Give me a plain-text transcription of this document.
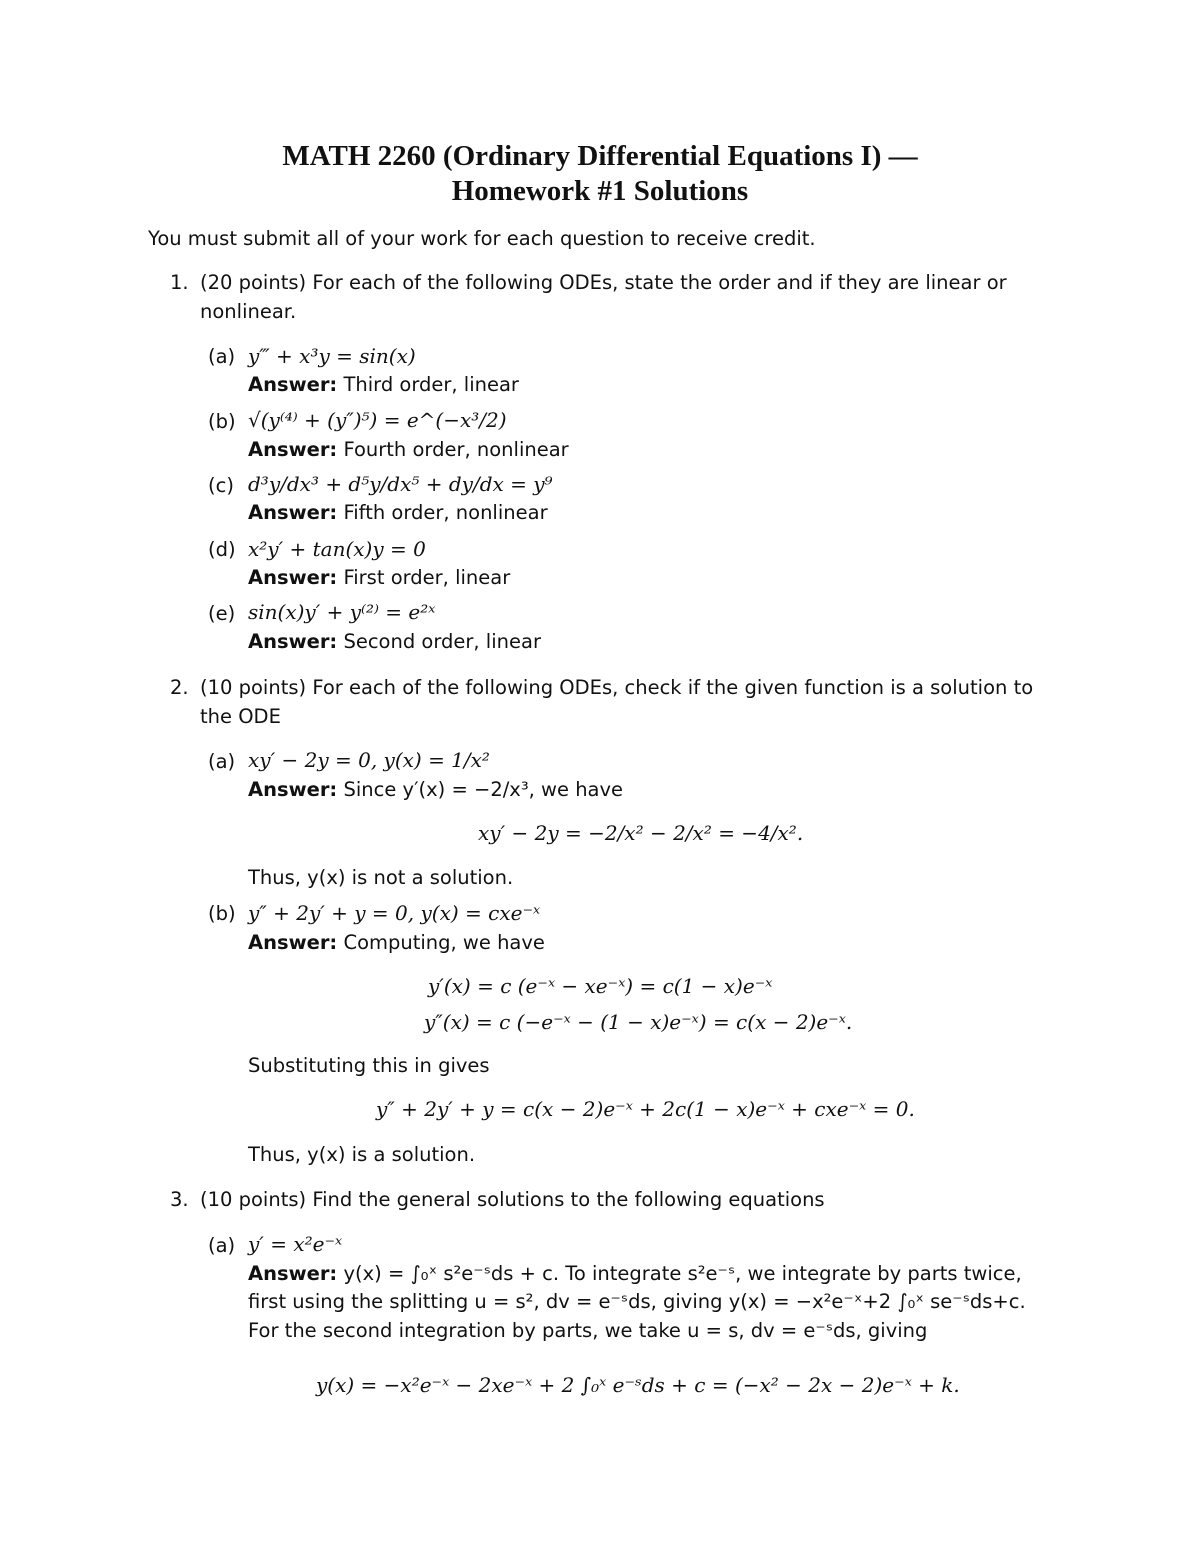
MATH 2260 (Ordinary Differential Equations I) —
Homework #1 Solutions
You must submit all of your work for each question to receive credit.
1. (20 points) For each of the following ODEs, state the order and if they are linear or
nonlinear.
(a) y‴ + x³y = sin(x)
Answer: Third order, linear
(b) √(y⁽⁴⁾ + (y″)⁵) = e^(−x³/2)
Answer: Fourth order, nonlinear
(c) d³y/dx³ + d⁵y/dx⁵ + dy/dx = y⁹
Answer: Fifth order, nonlinear
(d) x²y′ + tan(x)y = 0
Answer: First order, linear
(e) sin(x)y′ + y⁽²⁾ = e²ˣ
Answer: Second order, linear
2. (10 points) For each of the following ODEs, check if the given function is a solution to
the ODE
(a) xy′ − 2y = 0, y(x) = 1/x²
Answer: Since y′(x) = −2/x³, we have
xy′ − 2y = −2/x² − 2/x² = −4/x².
Thus, y(x) is not a solution.
(b) y″ + 2y′ + y = 0, y(x) = cxe⁻ˣ
Answer: Computing, we have
y′(x) = c (e⁻ˣ − xe⁻ˣ) = c(1 − x)e⁻ˣ
y″(x) = c (−e⁻ˣ − (1 − x)e⁻ˣ) = c(x − 2)e⁻ˣ.
Substituting this in gives
y″ + 2y′ + y = c(x − 2)e⁻ˣ + 2c(1 − x)e⁻ˣ + cxe⁻ˣ = 0.
Thus, y(x) is a solution.
3. (10 points) Find the general solutions to the following equations
(a) y′ = x²e⁻ˣ
Answer: y(x) = ∫₀ˣ s²e⁻ˢds + c. To integrate s²e⁻ˢ, we integrate by parts twice,
first using the splitting u = s², dv = e⁻ˢds, giving y(x) = −x²e⁻ˣ+2 ∫₀ˣ se⁻ˢds+c.
For the second integration by parts, we take u = s, dv = e⁻ˢds, giving
y(x) = −x²e⁻ˣ − 2xe⁻ˣ + 2 ∫₀ˣ e⁻ˢds + c = (−x² − 2x − 2)e⁻ˣ + k.
